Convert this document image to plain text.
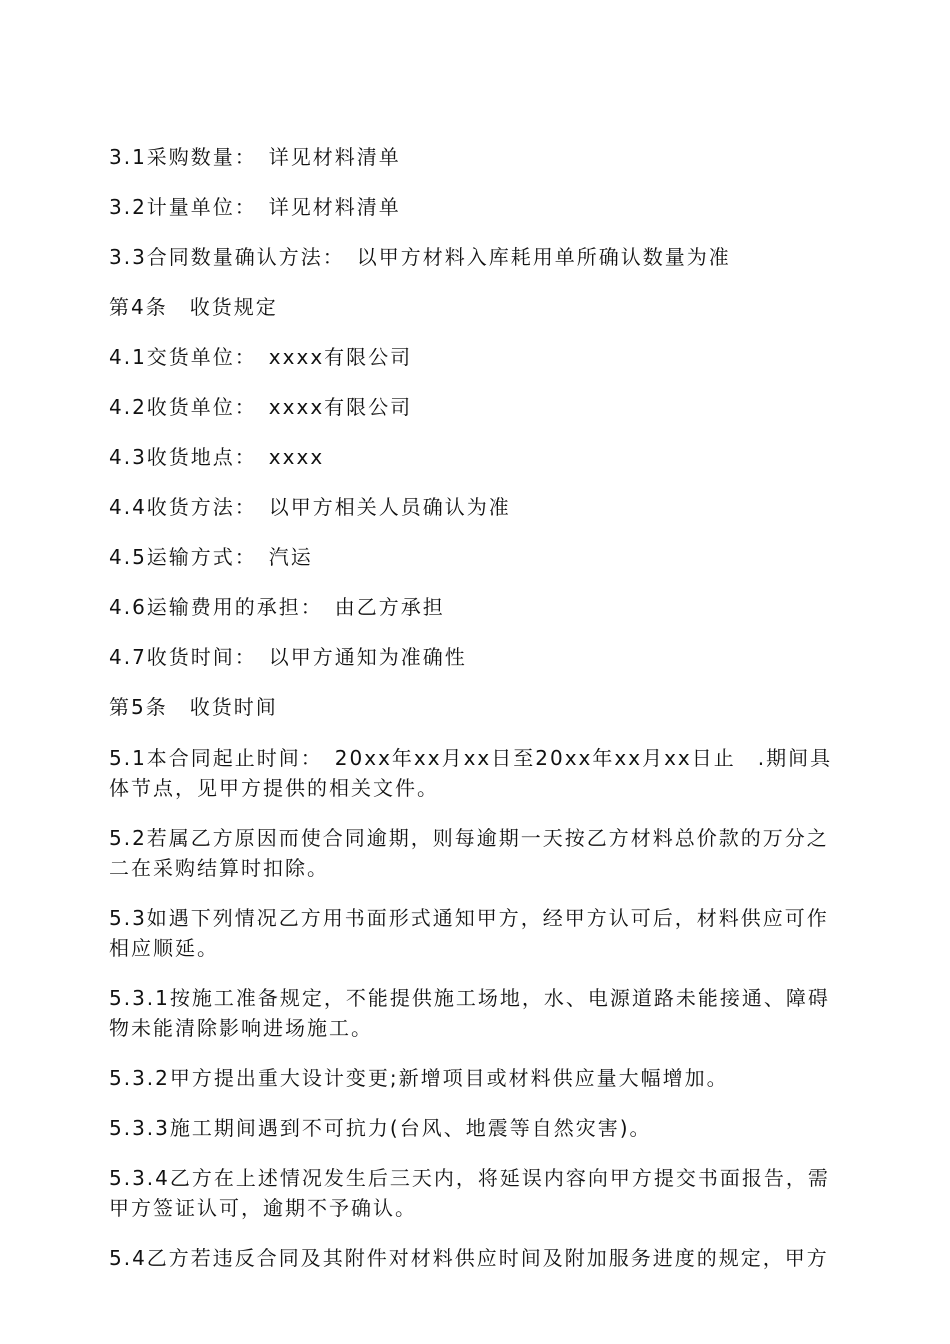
3.1采购数量：　详见材料清单

3.2计量单位：　详见材料清单

3.3合同数量确认方法：　以甲方材料入库耗用单所确认数量为准

第4条　收货规定

4.1交货单位：　xxxx有限公司

4.2收货单位：　xxxx有限公司

4.3收货地点：　xxxx

4.4收货方法：　以甲方相关人员确认为准

4.5运输方式：　汽运

4.6运输费用的承担：　由乙方承担

4.7收货时间：　以甲方通知为准确性

第5条　收货时间

5.1本合同起止时间：　20xx年xx月xx日至20xx年xx月xx日止　.期间具体节点，见甲方提供的相关文件。

5.2若属乙方原因而使合同逾期，则每逾期一天按乙方材料总价款的万分之二在采购结算时扣除。

5.3如遇下列情况乙方用书面形式通知甲方，经甲方认可后，材料供应可作相应顺延。

5.3.1按施工准备规定，不能提供施工场地，水、电源道路未能接通、障碍物未能清除影响进场施工。

5.3.2甲方提出重大设计变更;新增项目或材料供应量大幅增加。

5.3.3施工期间遇到不可抗力(台风、地震等自然灾害)。

5.3.4乙方在上述情况发生后三天内，将延误内容向甲方提交书面报告，需甲方签证认可，逾期不予确认。

5.4乙方若违反合同及其附件对材料供应时间及附加服务进度的规定，甲方
